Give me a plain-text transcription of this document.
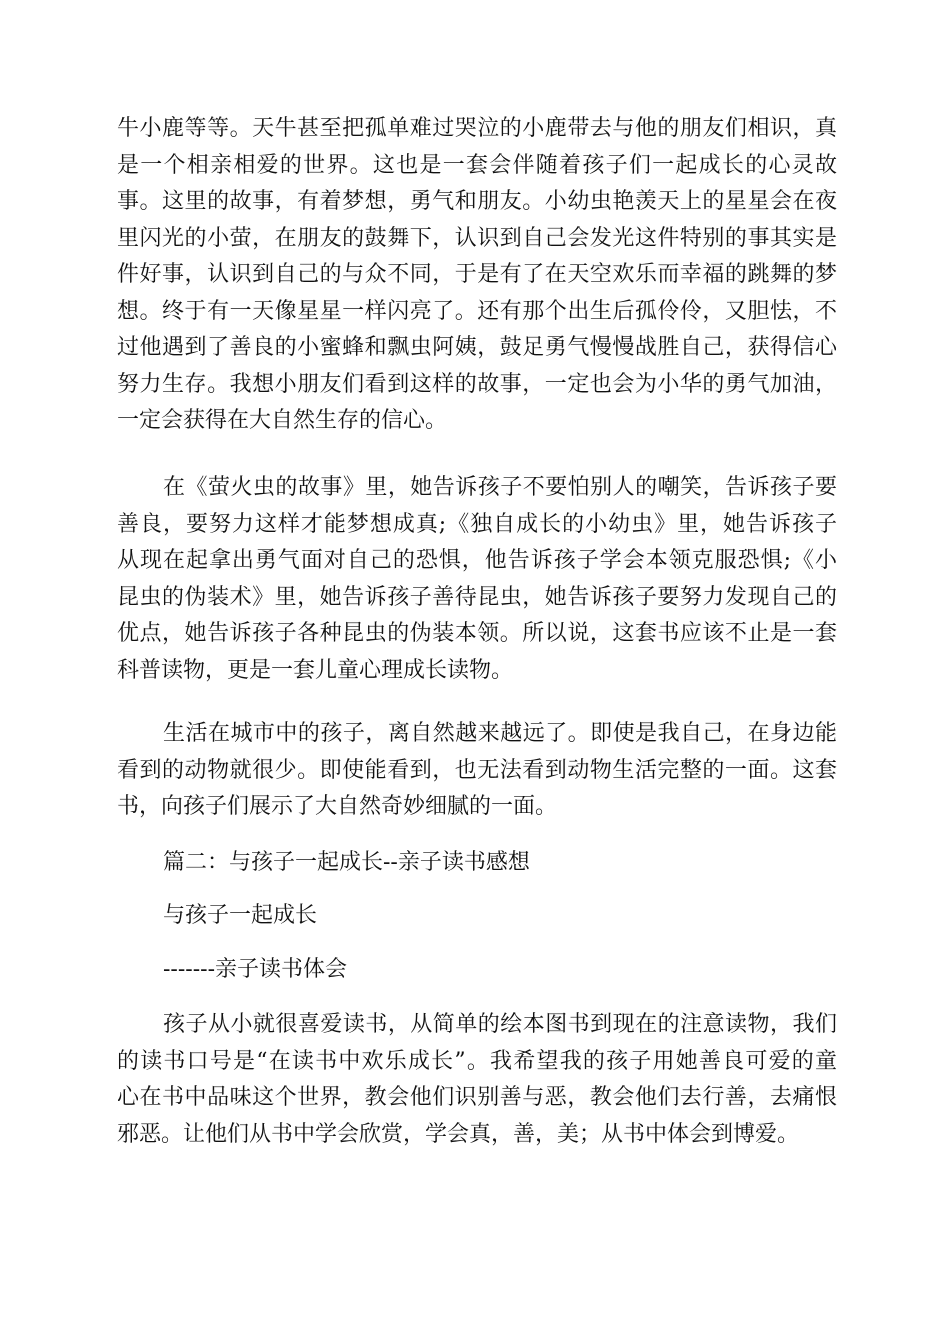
牛小鹿等等。天牛甚至把孤单难过哭泣的小鹿带去与他的朋友们相识，真
是一个相亲相爱的世界。这也是一套会伴随着孩子们一起成长的心灵故
事。这里的故事，有着梦想，勇气和朋友。小幼虫艳羡天上的星星会在夜
里闪光的小萤，在朋友的鼓舞下，认识到自己会发光这件特别的事其实是
件好事，认识到自己的与众不同，于是有了在天空欢乐而幸福的跳舞的梦
想。终于有一天像星星一样闪亮了。还有那个出生后孤伶伶，又胆怯，不
过他遇到了善良的小蜜蜂和飘虫阿姨，鼓足勇气慢慢战胜自己，获得信心
努力生存。我想小朋友们看到这样的故事，一定也会为小华的勇气加油，
一定会获得在大自然生存的信心。
在《萤火虫的故事》里，她告诉孩子不要怕别人的嘲笑，告诉孩子要
善良，要努力这样才能梦想成真;《独自成长的小幼虫》里，她告诉孩子
从现在起拿出勇气面对自己的恐惧，他告诉孩子学会本领克服恐惧;《小
昆虫的伪装术》里，她告诉孩子善待昆虫，她告诉孩子要努力发现自己的
优点，她告诉孩子各种昆虫的伪装本领。所以说，这套书应该不止是一套
科普读物，更是一套儿童心理成长读物。
生活在城市中的孩子，离自然越来越远了。即使是我自己，在身边能
看到的动物就很少。即使能看到，也无法看到动物生活完整的一面。这套
书，向孩子们展示了大自然奇妙细腻的一面。
篇二：与孩子一起成长--亲子读书感想
与孩子一起成长
-------亲子读书体会
孩子从小就很喜爱读书，从简单的绘本图书到现在的注意读物，我们
的读书口号是“在读书中欢乐成长”。我希望我的孩子用她善良可爱的童
心在书中品味这个世界，教会他们识别善与恶，教会他们去行善，去痛恨
邪恶。让他们从书中学会欣赏，学会真，善，美；从书中体会到博爱。
